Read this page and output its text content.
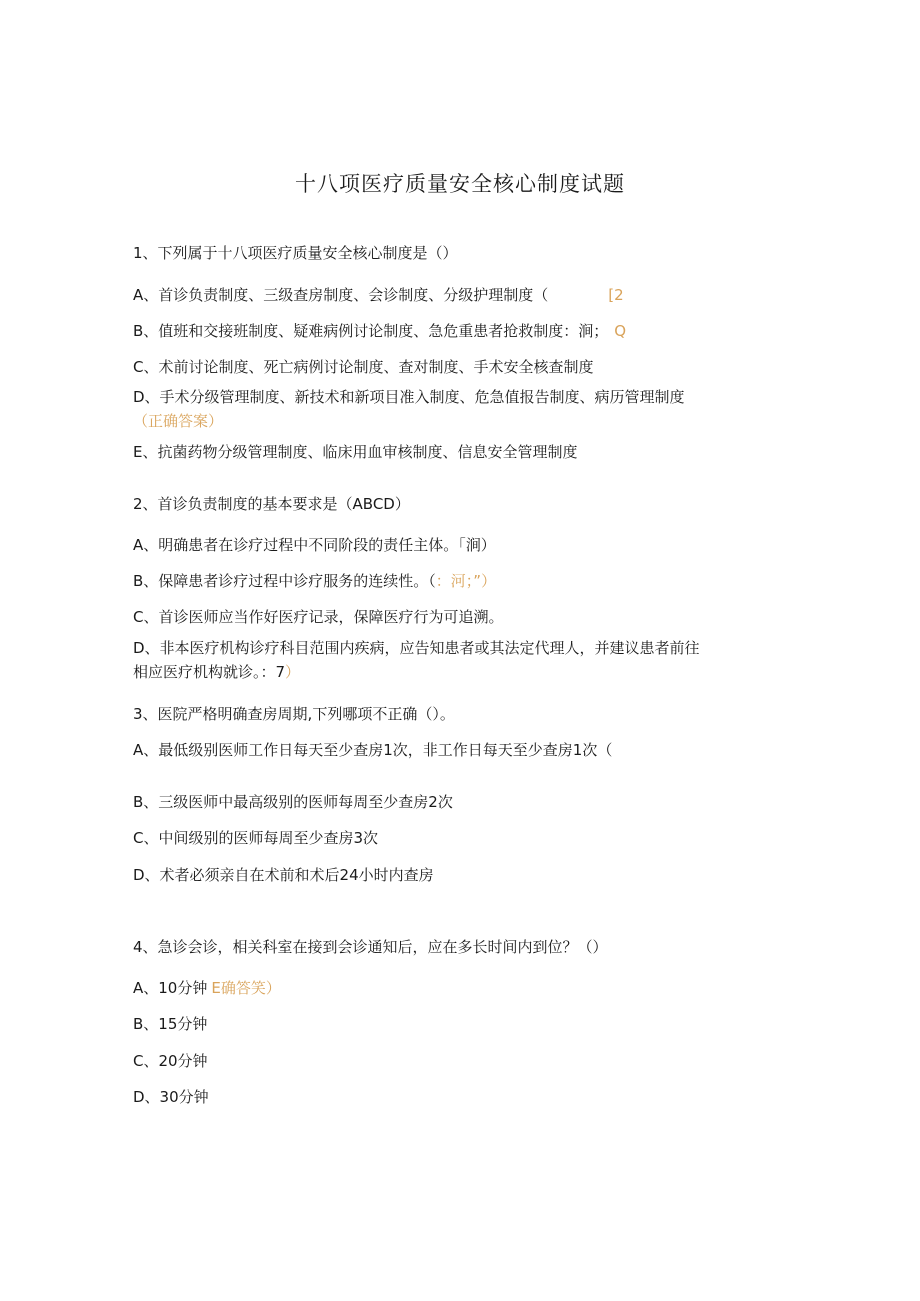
十八项医疗质量安全核心制度试题
1、下列属于十八项医疗质量安全核心制度是（）
A、首诊负责制度、三级查房制度、会诊制度、分级护理制度（	[2
B、值班和交接班制度、疑难病例讨论制度、急危重患者抢救制度：涧； Q
C、术前讨论制度、死亡病例讨论制度、查对制度、手术安全核查制度
D、手术分级管理制度、新技术和新项目准入制度、危急值报告制度、病历管理制度
（正确答案）
E、抗菌药物分级管理制度、临床用血审核制度、信息安全管理制度
2、首诊负责制度的基本要求是（ABCD）
A、明确患者在诊疗过程中不同阶段的责任主体。「涧）
B、保障患者诊疗过程中诊疗服务的连续性。（：河；”）
C、首诊医师应当作好医疗记录，保障医疗行为可追溯。
D、非本医疗机构诊疗科目范围内疾病，应告知患者或其法定代理人，并建议患者前往
相应医疗机构就诊。：7）
3、医院严格明确查房周期,下列哪项不正确（）。
A、最低级别医师工作日每天至少查房1次，非工作日每天至少查房1次（
B、三级医师中最高级别的医师每周至少查房2次
C、中间级别的医师每周至少查房3次
D、术者必须亲自在术前和术后24小时内查房
4、急诊会诊，相关科室在接到会诊通知后，应在多长时间内到位？（）
A、10分钟 E确答笑）
B、15分钟
C、20分钟
D、30分钟
